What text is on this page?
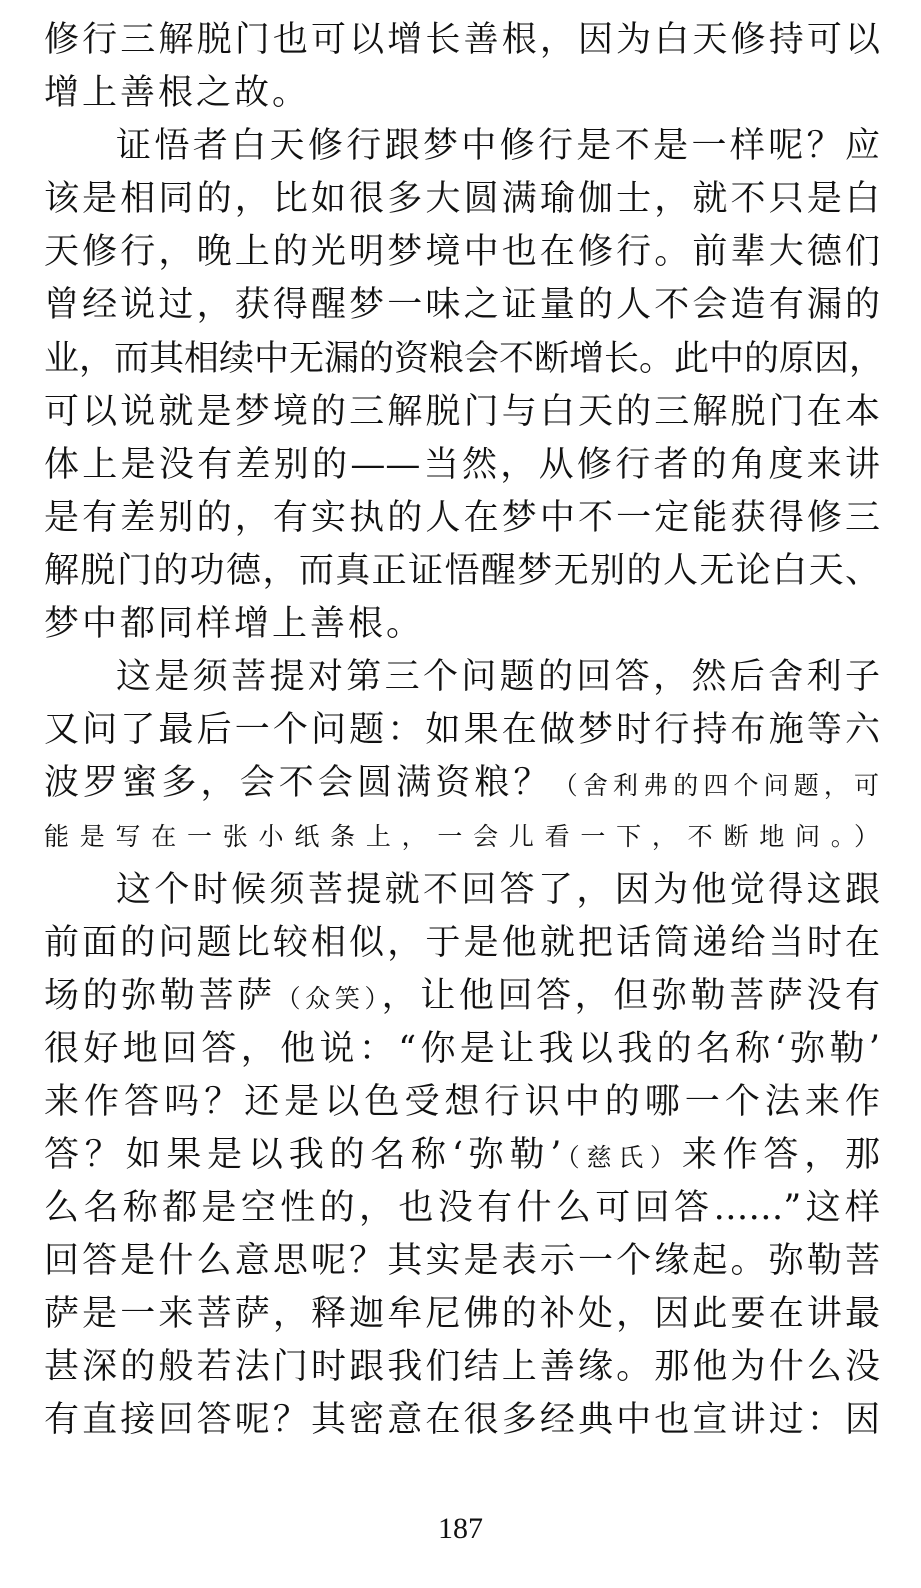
修行三解脱门也可以增长善根，因为白天修持可以
增上善根之故。
证悟者白天修行跟梦中修行是不是一样呢？应
该是相同的，比如很多大圆满瑜伽士，就不只是白
天修行，晚上的光明梦境中也在修行。前辈大德们
曾经说过，获得醒梦一味之证量的人不会造有漏的
业，而其相续中无漏的资粮会不断增长。此中的原因，
可以说就是梦境的三解脱门与白天的三解脱门在本
体上是没有差别的——当然，从修行者的角度来讲
是有差别的，有实执的人在梦中不一定能获得修三
解脱门的功德，而真正证悟醒梦无别的人无论白天、
梦中都同样增上善根。
这是须菩提对第三个问题的回答，然后舍利子
又问了最后一个问题：如果在做梦时行持布施等六
波罗蜜多，会不会圆满资粮？（舍利弗的四个问题，可
能是写在一张小纸条上，一会儿看一下，不断地问。）
这个时候须菩提就不回答了，因为他觉得这跟
前面的问题比较相似，于是他就把话筒递给当时在
场的弥勒菩萨（众笑），让他回答，但弥勒菩萨没有
很好地回答，他说：“你是让我以我的名称‘弥勒’
来作答吗？还是以色受想行识中的哪一个法来作
答？如果是以我的名称‘弥勒’（慈氏）来作答，那
么名称都是空性的，也没有什么可回答……”这样
回答是什么意思呢？其实是表示一个缘起。弥勒菩
萨是一来菩萨，释迦牟尼佛的补处，因此要在讲最
甚深的般若法门时跟我们结上善缘。那他为什么没
有直接回答呢？其密意在很多经典中也宣讲过：因
187
